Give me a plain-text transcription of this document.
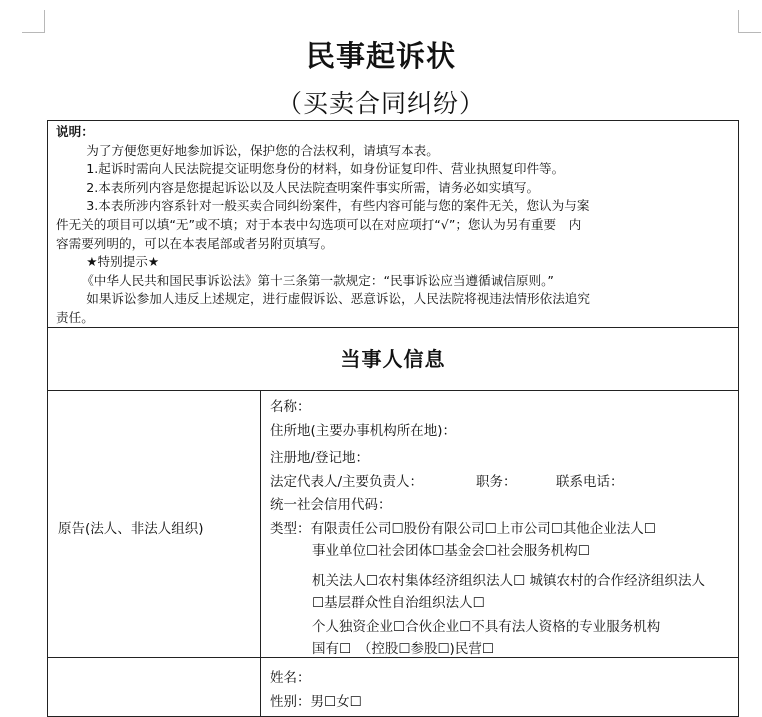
民事起诉状
（买卖合同纠纷）

说明：

为了方便您更好地参加诉讼，保护您的合法权利，请填写本表。

1.起诉时需向人民法院提交证明您身份的材料，如身份证复印件、营业执照复印件等。

2.本表所列内容是您提起诉讼以及人民法院查明案件事实所需，请务必如实填写。

3.本表所涉内容系针对一般买卖合同纠纷案件，有些内容可能与您的案件无关，您认为与案

件无关的项目可以填“无”或不填；对于本表中勾选项可以在对应项打“√”；您认为另有重要　内

容需要列明的，可以在本表尾部或者另附页填写。

★特别提示★

《中华人民共和国民事诉讼法》第十三条第一款规定：“民事诉讼应当遵循诚信原则。”

如果诉讼参加人违反上述规定，进行虚假诉讼、恶意诉讼，人民法院将视违法情形依法追究

责任。

当事人信息
原告(法人、非法人组织)
名称：
住所地(主要办事机构所在地)：
注册地/登记地：
法定代表人/主要负责人：	职务：	联系电话：
统一社会信用代码：
类型：有限责任公司☐股份有限公司☐上市公司☐其他企业法人☐
事业单位☐社会团体☐基金会☐社会服务机构☐
机关法人☐农村集体经济组织法人☐ 城镇农村的合作经济组织法人
☐基层群众性自治组织法人☐
个人独资企业☐合伙企业☐不具有法人资格的专业服务机构
国有☐　（控股☐参股☐)民营☐
姓名：
性别：男☐女☐
